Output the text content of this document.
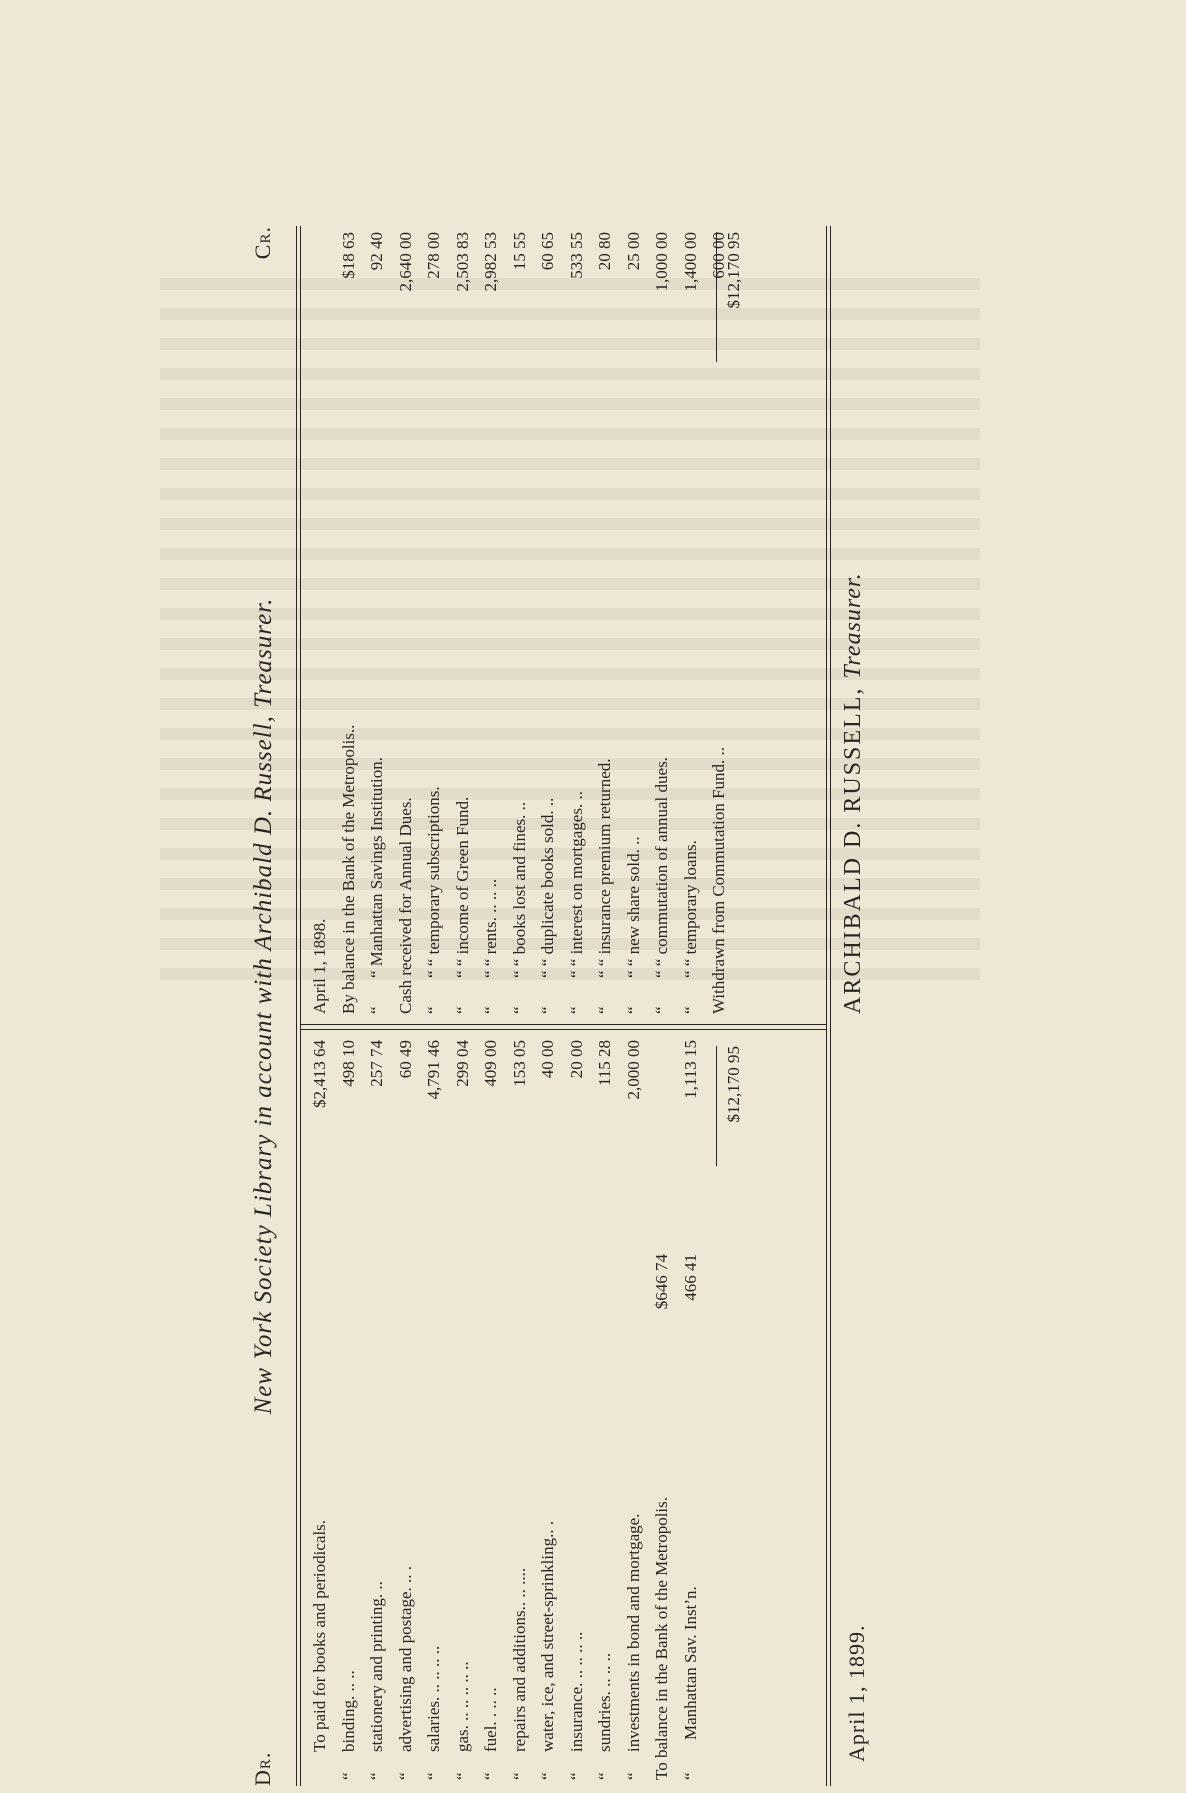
Dr.
New York Society Library in account with Archibald D. Russell, Treasurer.
Cr.
To paid for books and periodicals.
$2,413 64
“
binding. .. ..
498 10
“
stationery and printing. ..
257 74
“
advertising and postage. .. .
60 49
“
salaries. .. .. .. ..
4,791 46
“
gas. .. .. .. .. ..
299 04
“
fuel. . .. ..
409 00
“
repairs and additions.. .. ....
153 05
“
water, ice, and street-sprinkling.. .
40 00
“
insurance. .. .. .. ..
20 00
“
sundries. .. .. ..
115 28
“
investments in bond and mortgage.
2,000 00
To balance in the Bank of the Metropolis.
$646 74
“
Manhattan Sav. Inst’n.
466 41
1,113 15
April 1, 1898. By balance in the Bank of the Metropolis..
$18 63
“
“ Manhattan Savings Institution.
92 40
Cash received for Annual Dues.
2,640 00
“
“ “ temporary subscriptions.
278 00
“
“ “ income of Green Fund.
2,503 83
“
“ “ rents. .. .. ..
2,982 53
“
“ “ books lost and fines. ..
15 55
“
“ “ duplicate books sold. ..
60 65
“
“ “ interest on mortgages. ..
533 55
“
“ “ insurance premium returned.
20 80
“
“ “ new share sold. ..
25 00
“
“ “ commutation of annual dues.
1,000 00
“
“ “ temporary loans.
1,400 00
Withdrawn from Commutation Fund. ..
600 00
$12,170 95
$12,170 95
April 1, 1899.
ARCHIBALD D. RUSSELL, Treasurer.
